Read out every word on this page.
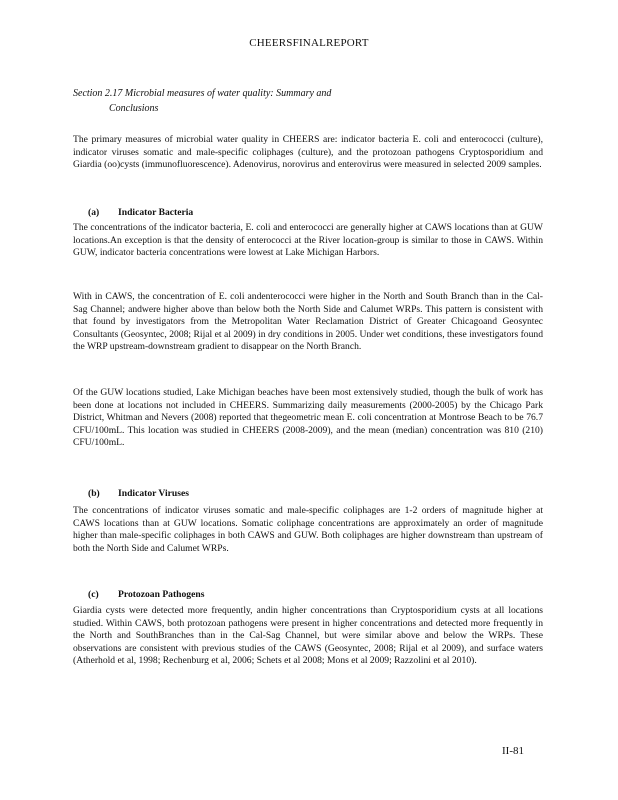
CHEERSFINALREPORT
Section 2.17 Microbial measures of water quality: Summary and
Conclusions

The primary measures of microbial water quality in CHEERS are: indicator bacteria E. coli and enterococci (culture), indicator viruses somatic and male-specific coliphages (culture), and the protozoan pathogens Cryptosporidium and Giardia (oo)cysts (immunofluorescence). Adenovirus, norovirus and enterovirus were measured in selected 2009 samples.

(a) Indicator Bacteria

The concentrations of the indicator bacteria, E. coli and enterococci are generally higher at CAWS locations than at GUW locations.An exception is that the density of enterococci at the River location-group is similar to those in CAWS. Within GUW, indicator bacteria concentrations were lowest at Lake Michigan Harbors.

With in CAWS, the concentration of E. coli andenterococci were higher in the North and South Branch than in the Cal-Sag Channel; andwere higher above than below both the North Side and Calumet WRPs. This pattern is consistent with that found by investigators from the Metropolitan Water Reclamation District of Greater Chicagoand Geosyntec Consultants (Geosyntec, 2008; Rijal et al 2009) in dry conditions in 2005. Under wet conditions, these investigators found the WRP upstream-downstream gradient to disappear on the North Branch.

Of the GUW locations studied, Lake Michigan beaches have been most extensively studied, though the bulk of work has been done at locations not included in CHEERS. Summarizing daily measurements (2000-2005) by the Chicago Park District, Whitman and Nevers (2008) reported that thegeometric mean E. coli concentration at Montrose Beach to be 76.7 CFU/100mL. This location was studied in CHEERS (2008-2009), and the mean (median) concentration was 810 (210) CFU/100mL.

(b) Indicator Viruses

The concentrations of indicator viruses somatic and male-specific coliphages are 1-2 orders of magnitude higher at CAWS locations than at GUW locations. Somatic coliphage concentrations are approximately an order of magnitude higher than male-specific coliphages in both CAWS and GUW. Both coliphages are higher downstream than upstream of both the North Side and Calumet WRPs.

(c) Protozoan Pathogens

Giardia cysts were detected more frequently, andin higher concentrations than Cryptosporidium cysts at all locations studied. Within CAWS, both protozoan pathogens were present in higher concentrations and detected more frequently in the North and SouthBranches than in the Cal-Sag Channel, but were similar above and below the WRPs. These observations are consistent with previous studies of the CAWS (Geosyntec, 2008; Rijal et al 2009), and surface waters (Atherhold et al, 1998; Rechenburg et al, 2006; Schets et al 2008; Mons et al 2009; Razzolini et al 2010).

II-81
